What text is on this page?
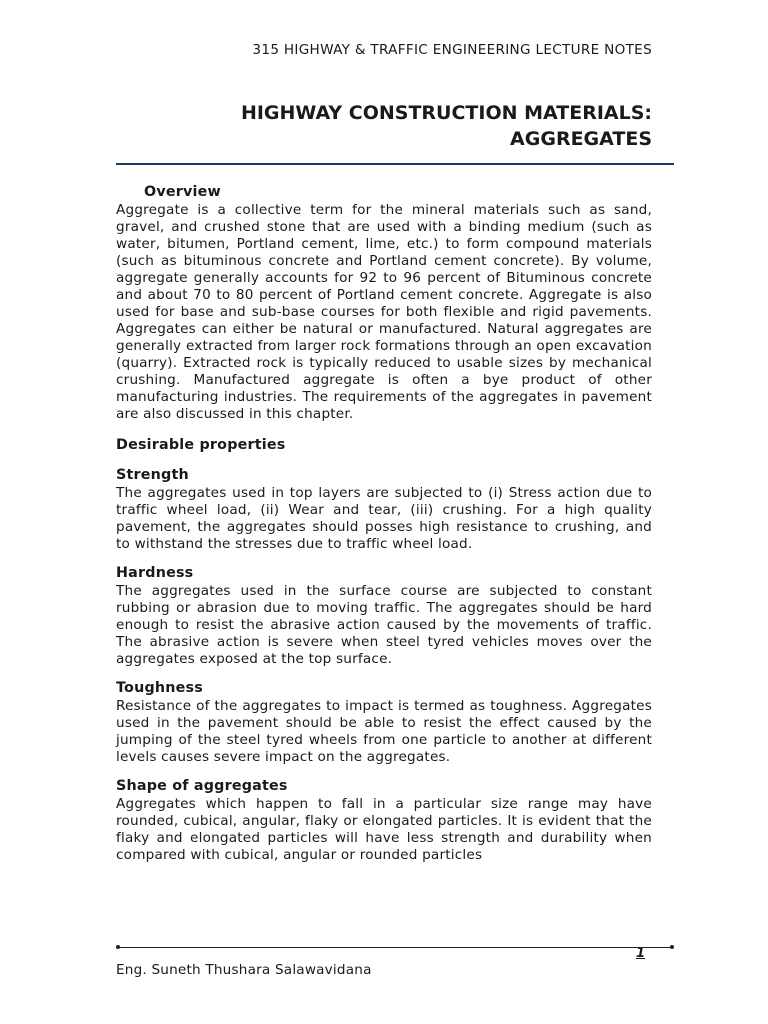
315 HIGHWAY & TRAFFIC ENGINEERING LECTURE NOTES
HIGHWAY CONSTRUCTION MATERIALS:
AGGREGATES

Overview

Aggregate is a collective term for the mineral materials such as sand, gravel, and crushed stone that are used with a binding medium (such as water, bitumen, Portland cement, lime, etc.) to form compound materials (such as bituminous concrete and Portland cement concrete). By volume, aggregate generally accounts for 92 to 96 percent of Bituminous concrete and about 70 to 80 percent of Portland cement concrete. Aggregate is also used for base and sub-base courses for both flexible and rigid pavements. Aggregates can either be natural or manufactured. Natural aggregates are generally extracted from larger rock formations through an open excavation (quarry). Extracted rock is typically reduced to usable sizes by mechanical crushing. Manufactured aggregate is often a bye product of other manufacturing industries. The requirements of the aggregates in pavement are also discussed in this chapter.

Desirable properties

Strength

The aggregates used in top layers are subjected to (i) Stress action due to traffic wheel load, (ii) Wear and tear, (iii) crushing. For a high quality pavement, the aggregates should posses high resistance to crushing, and to withstand the stresses due to traffic wheel load.

Hardness

The aggregates used in the surface course are subjected to constant rubbing or abrasion due to moving traffic. The aggregates should be hard enough to resist the abrasive action caused by the movements of traffic. The abrasive action is severe when steel tyred vehicles moves over the aggregates exposed at the top surface.

Toughness

Resistance of the aggregates to impact is termed as toughness. Aggregates used in the pavement should be able to resist the effect caused by the jumping of the steel tyred wheels from one particle to another at different levels causes severe impact on the aggregates.

Shape of aggregates

Aggregates which happen to fall in a particular size range may have rounded, cubical, angular, flaky or elongated particles. It is evident that the flaky and elongated particles will have less strength and durability when compared with cubical, angular or rounded particles

1
Eng. Suneth Thushara Salawavidana
